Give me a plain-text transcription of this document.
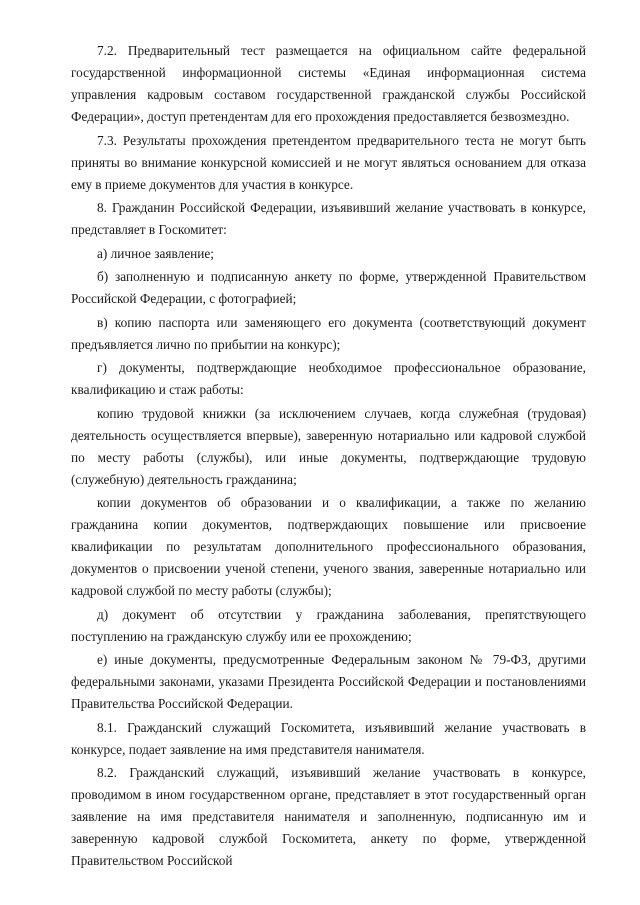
7.2. Предварительный тест размещается на официальном сайте федеральной государственной информационной системы «Единая информационная система управления кадровым составом государственной гражданской службы Российской Федерации», доступ претендентам для его прохождения предоставляется безвозмездно.

7.3. Результаты прохождения претендентом предварительного теста не могут быть приняты во внимание конкурсной комиссией и не могут являться основанием для отказа ему в приеме документов для участия в конкурсе.

8. Гражданин Российской Федерации, изъявивший желание участвовать в конкурсе, представляет в Госкомитет:

а) личное заявление;

б) заполненную и подписанную анкету по форме, утвержденной Правительством Российской Федерации, с фотографией;

в) копию паспорта или заменяющего его документа (соответствующий документ предъявляется лично по прибытии на конкурс);

г) документы, подтверждающие необходимое профессиональное образование, квалификацию и стаж работы:

копию трудовой книжки (за исключением случаев, когда служебная (трудовая) деятельность осуществляется впервые), заверенную нотариально или кадровой службой по месту работы (службы), или иные документы, подтверждающие трудовую (служебную) деятельность гражданина;

копии документов об образовании и о квалификации, а также по желанию гражданина копии документов, подтверждающих повышение или присвоение квалификации по результатам дополнительного профессионального образования, документов о присвоении ученой степени, ученого звания, заверенные нотариально или кадровой службой по месту работы (службы);

д) документ об отсутствии у гражданина заболевания, препятствующего поступлению на гражданскую службу или ее прохождению;

е) иные документы, предусмотренные Федеральным законом № 79-ФЗ, другими федеральными законами, указами Президента Российской Федерации и постановлениями Правительства Российской Федерации.

8.1. Гражданский служащий Госкомитета, изъявивший желание участвовать в конкурсе, подает заявление на имя представителя нанимателя.

8.2. Гражданский служащий, изъявивший желание участвовать в конкурсе, проводимом в ином государственном органе, представляет в этот государственный орган заявление на имя представителя нанимателя и заполненную, подписанную им и заверенную кадровой службой Госкомитета, анкету по форме, утвержденной Правительством Российской
